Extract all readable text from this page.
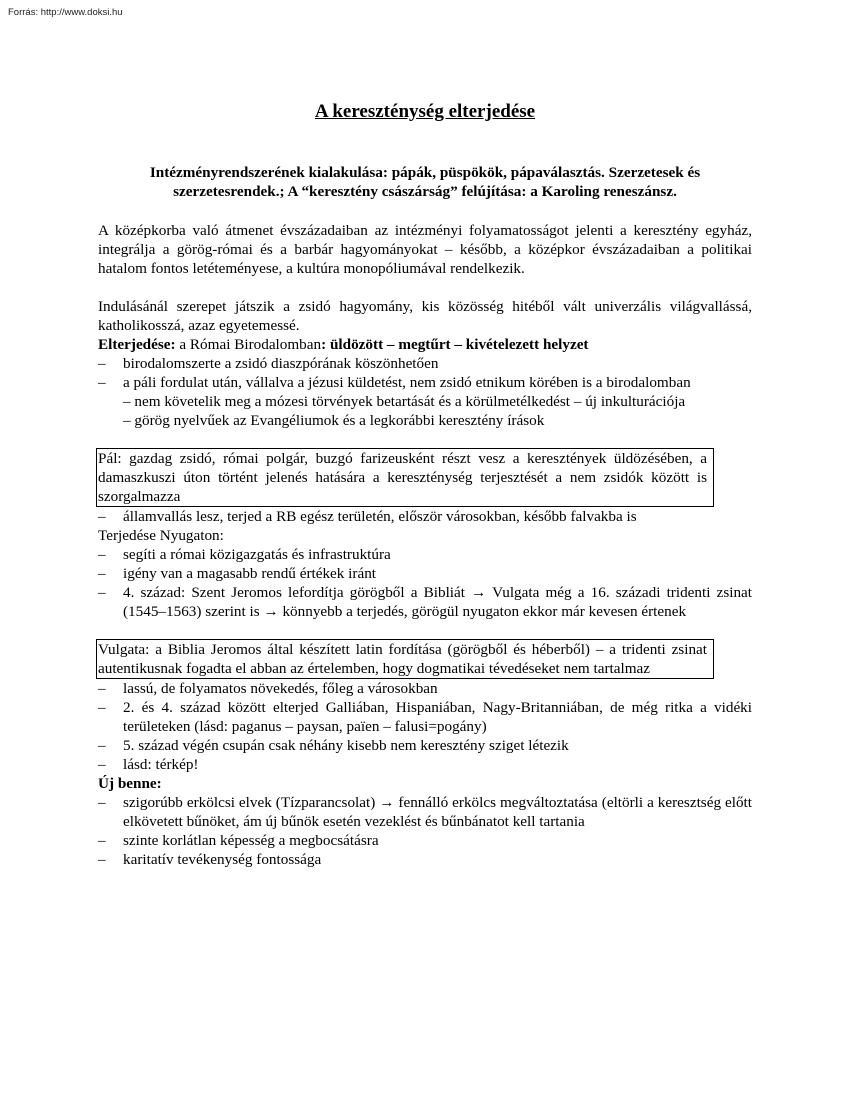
Forrás: http://www.doksi.hu
A kereszténység elterjedése

Intézményrendszerének kialakulása: pápák, püspökök, pápaválasztás. Szerzetesek és szerzetesrendek.; A “keresztény császárság” felújítása: a Karoling reneszánsz.

A középkorba való átmenet évszázadaiban az intézményi folyamatosságot jelenti a keresztény egyház, integrálja a görög-római és a barbár hagyományokat – később, a középkor évszázadaiban a politikai hatalom fontos letéteményese, a kultúra monopóliumával rendelkezik.

Indulásánál szerepet játszik a zsidó hagyomány, kis közösség hitéből vált univerzális világvallássá, katholikosszá, azaz egyetemessé.

Elterjedése: a Római Birodalomban: üldözött – megtűrt – kivételezett helyzet

– birodalomszerte a zsidó diaszpórának köszönhetően
– a páli fordulat után, vállalva a jézusi küldetést, nem zsidó etnikum körében is a birodalomban
– nem követelik meg a mózesi törvények betartását és a körülmetélkedést – új inkulturációja
– görög nyelvűek az Evangéliumok és a legkorábbi keresztény írások

Pál: gazdag zsidó, római polgár, buzgó farizeusként részt vesz a keresztények üldözésében, a damaszkuszi úton történt jelenés hatására a kereszténység terjesztését a nem zsidók között is szorgalmazza

– államvallás lesz, terjed a RB egész területén, először városokban, később falvakba is

Terjedése Nyugaton:

– segíti a római közigazgatás és infrastruktúra
– igény van a magasabb rendű értékek iránt
– 4. század: Szent Jeromos lefordítja görögből a Bibliát → Vulgata még a 16. századi tridenti zsinat (1545–1563) szerint is → könnyebb a terjedés, görögül nyugaton ekkor már kevesen értenek

Vulgata: a Biblia Jeromos által készített latin fordítása (görögből és héberből) – a tridenti zsinat autentikusnak fogadta el abban az értelemben, hogy dogmatikai tévedéseket nem tartalmaz

– lassú, de folyamatos növekedés, főleg a városokban
– 2. és 4. század között elterjed Galliában, Hispaniában, Nagy-Britanniában, de még ritka a vidéki területeken (lásd: paganus – paysan, païen – falusi=pogány)
– 5. század végén csupán csak néhány kisebb nem keresztény sziget létezik
– lásd: térkép!

Új benne:

– szigorúbb erkölcsi elvek (Tízparancsolat) → fennálló erkölcs megváltoztatása (eltörli a keresztség előtt elkövetett bűnöket, ám új bűnök esetén vezeklést és bűnbánatot kell tartania
– szinte korlátlan képesség a megbocsátásra
– karitatív tevékenység fontossága
